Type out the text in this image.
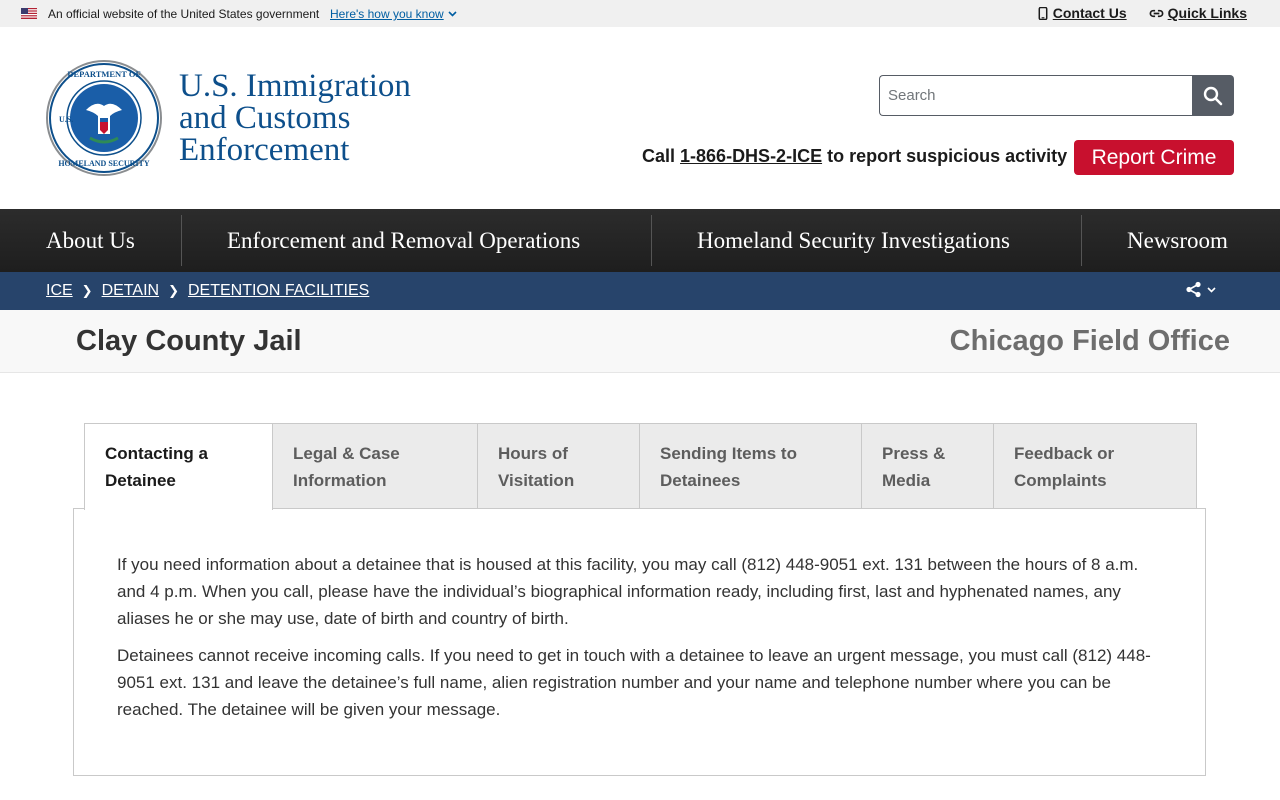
An official website of the United States government Here's how you know	Contact Us	Quick Links
DEPARTMENT OF
HOMELAND SECURITY
U.S.
U.S. Immigration
and Customs
Enforcement
Search	Call 1-866-DHS-2-ICE to report suspicious activity	Report Crime
About Us	Enforcement and Removal Operations	Homeland Security Investigations	Newsroom
ICE ❯ DETAIN ❯ DETENTION FACILITIES
Clay County Jail	Chicago Field Office
Contacting a
Detainee
Legal & Case
Information
Hours of
Visitation
Sending Items to
Detainees
Press &
Media
Feedback or
Complaints

If you need information about a detainee that is housed at this facility, you may call (812) 448-9051 ext. 131 between the hours of 8 a.m. and 4 p.m. When you call, please have the individual’s biographical information ready, including first, last and hyphenated names, any aliases he or she may use, date of birth and country of birth.

Detainees cannot receive incoming calls. If you need to get in touch with a detainee to leave an urgent message, you must call (812) 448-9051 ext. 131 and leave the detainee’s full name, alien registration number and your name and telephone number where you can be reached. The detainee will be given your message.
